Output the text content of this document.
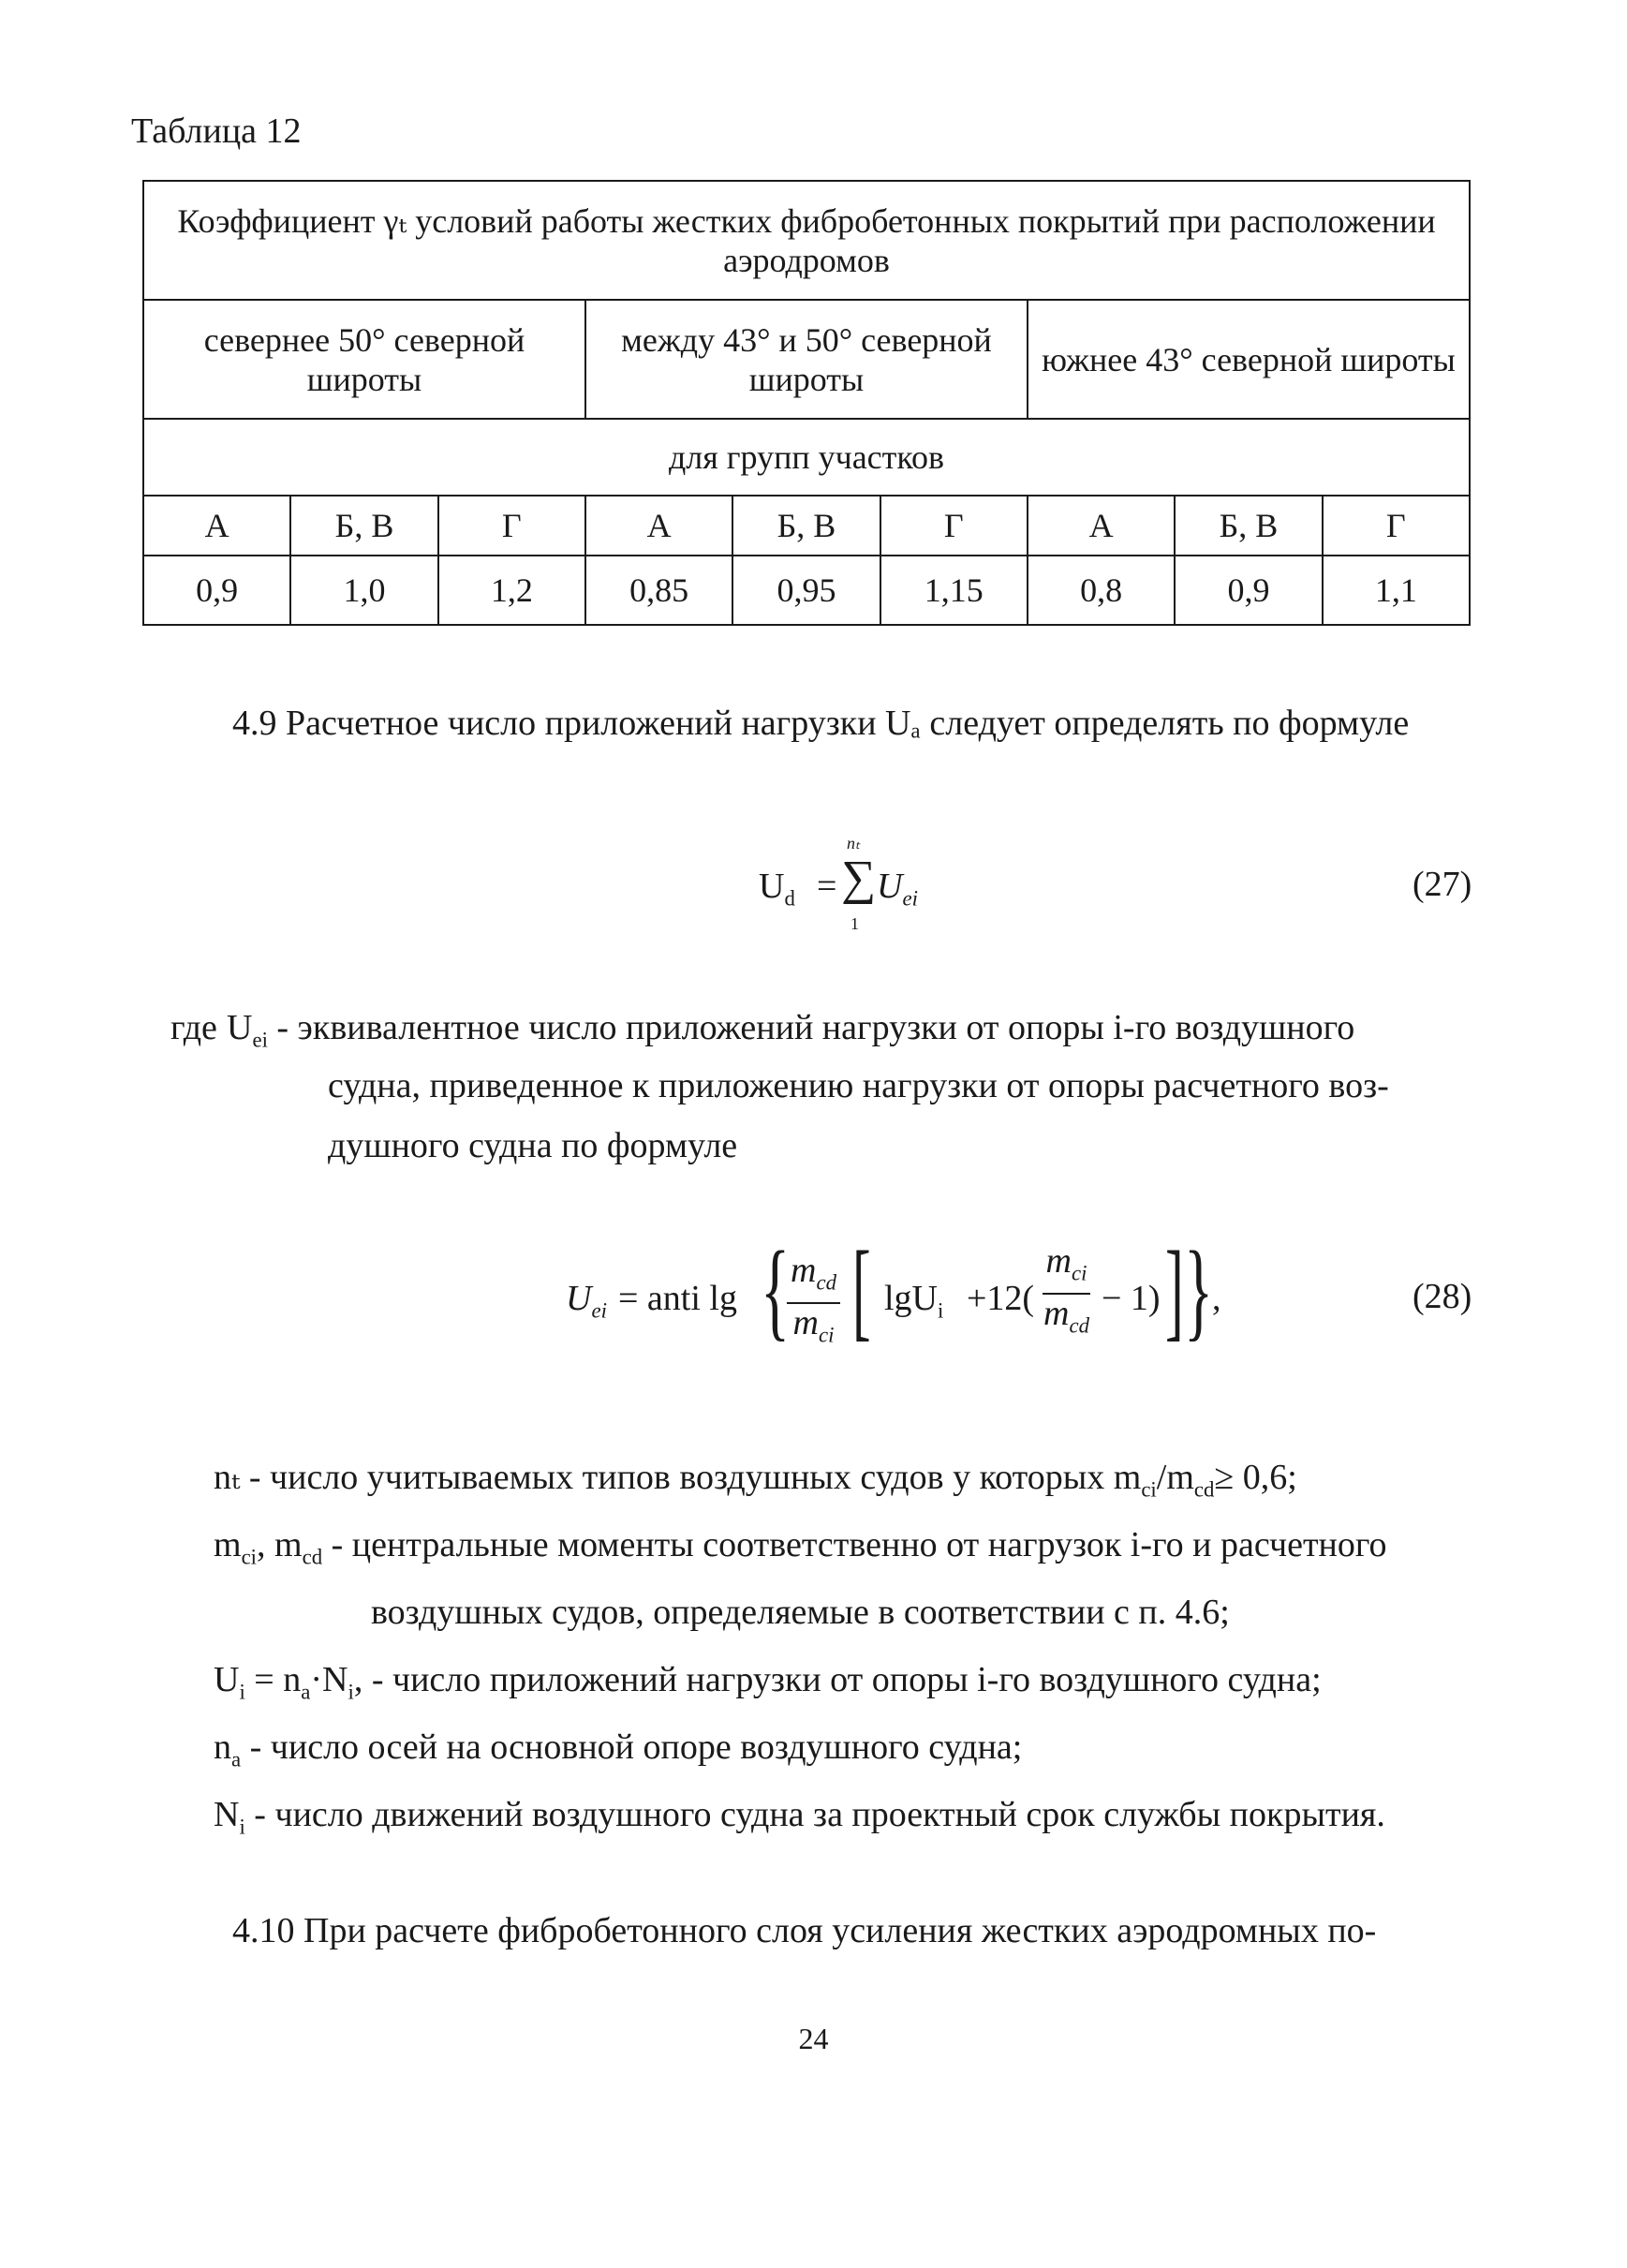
Таблица 12
Коэффициент γₜ условий работы жестких фибробетонных покрытий при расположении аэродромов								
севернее 50° северной широты			между 43° и 50° северной широты			южнее 43° северной широты		
для групп участков								
А	Б, В	Г	А	Б, В	Г	А	Б, В	Г
0,9	1,0	1,2	0,85	0,95	1,15	0,8	0,9	1,1
4.9 Расчетное число приложений нагрузки Uₐ следует определять по формуле
$U_d$ =
nₜ
∑
1
$U_{ei}$	(27)
где $U_{ei}$ - эквивалентное число приложений нагрузки от опоры i-го воздушного
судна, приведенное к приложению нагрузки от опоры расчетного воз-
душного судна по формуле
$U_{ei}$ = anti lg { $m_{cd}$
$m_{ci}$ [ lgU$_i$ +12(
$m_{ci}$
$m_{cd}$
− 1) ] }
,	(28)
nₜ - число учитываемых типов воздушных судов у которых $m_{ci}/m_{cd}\ge 0,6$;
$m_{ci}$, $m_{cd}$ - центральные моменты соответственно от нагрузок i-го и расчетного
воздушных судов, определяемые в соответствии с п. 4.6;
$U_i = n_a\cdot N_i$, - число приложений нагрузки от опоры i-го воздушного судна;
$n_a$ - число осей на основной опоре воздушного судна;
$N_i$ - число движений воздушного судна за проектный срок службы покрытия.
4.10 При расчете фибробетонного слоя усиления жестких аэродромных по-
24
